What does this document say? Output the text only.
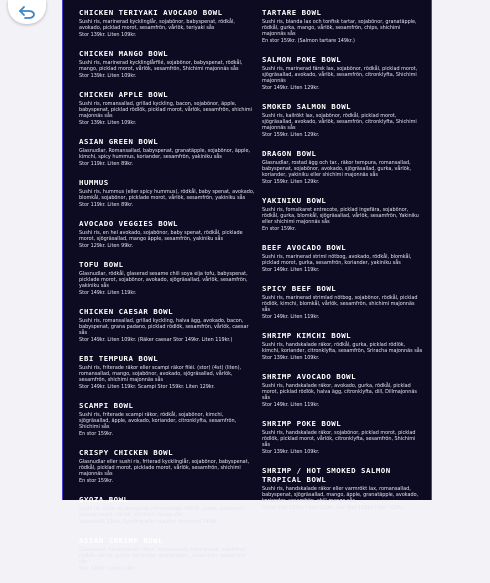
CHICKEN TERIYAKI AVOCADO BOWL

Sushi ris, marinerad kycklinglår, sojabönor, babyspenat, rödkål, avokado, picklad morot, sesamfrön, vårlök, teriyaki sås

Stor 139kr. Liten 109kr.

CHICKEN MANGO BOWL

Sushi ris, marinerad kycklinglårfilé, sojabönor, babyspenat, rödkål, mango, picklad morot, vårlök, sesamfrön, Shichimi majonnäs sås

Stor 139kr. Liten 109kr.

CHICKEN APPLE BOWL

Sushi ris, romansallad, grillad kyckling, bacon, sojabönor, äpple, babyspenat, picklad rödlök, picklad morot, vårlök, sesamfrön, shichimi majonnäs sås

Stor 139kr. Liten 109kr.

ASIAN GREEN BOWL

Glasnudlar, Romansallad, babyspenat, granatäpple, sojabönor, äpple, kimchi, spicy hummus, koriander, sesamfrön, yakiniku sås

Stor 119kr. Liten 89kr.

HUMMUS

Sushi ris, hummus (eller spicy hummus), rödkål, baby spenat, avokado, blomkål, sojabönor, picklade morot, vårlök, sesamfrön, yakiniku sås

Stor 119kr. Liten 89kr.

AVOCADO VEGGIES BOWL

Sushi ris, en hel avokado, sojabönor, baby spenat, rödkål, picklade morot, sjögräsallad, mango äpple, sesamfrön, yakiniku sås

Stor 129kr. Liten 99kr.

TOFU BOWL

Glasnudlar, rödkål, glaserad sesame chili soya eija tofu, babyspenat, picklade morot, sojabönor, avokado, sjögräsallad, vårlök, sesamfrön, yakiniku sås

Stor 149kr. Liten 119kr.

CHICKEN CAESAR BOWL

Sushi ris, romansallad, grillad kyckling, halva ägg, avokado, bacon, babyspenat, grana padano, picklad rödlök, sesamfrön, vårlök, caesar sås

Stor 149kr. Liten 109kr. (Räker caesar Stor 149kr. Liten 119kr.)

EBI TEMPURA BOWL

Sushi ris, friterade räkor eller scampi räkor filéi. (stor) (4st) (liten), romansallad, mango, sojabönor, avokado, sjögräsallad, vårlök, sesamfrön, shichimi majonnäs sås

Stor 149kr. Liten 119kr. Scampi Stor 159kr. Liten 129kr.

SCAMPI BOWL

Sushi ris, friterade scampi räkor, rödkål, sojabönor, kimchi, sjögräsallad, äpple, avokado, koriander, citronklyfta, sesamfrön, Shichimi sås

En stor 159kr.

CRISPY CHICKEN BOWL

Glasnudlar eller sushi ris, friterad kycklinglår, sojabönor, babyspenat, rödkål, picklad morot, picklade morot, vårlök, sesamfrön, shichimi majonnäs sås

En stor 159kr.

GYOZA BOWL

Sushi ris, fläsk- av dumpling, romansallad, rödkål, gurka, sojabönor, picklad morot, vårlök, shichimi, Gyoza sås

Vegetarisk 139kr. Kyckling eller skaldjur dumpling 149kr.

ASIAN SHRIMP BOWL

Glasnudlar, handskalade räkor, romansallad, babyspenat, sojabönor, rödkål, vårlök, gurka, koriander, granatäpple, sesamfrön, sweet chili sås

Stor 149kr. Liten 119kr.

TARTARE BOWL

Sushi ris, blanda lax och tonfisk tartar, sojabönor, granatäpple, rödkål, gurka, mango, vårlök, sesamfrön, chips, shichimi majonnäs sås

En stor 159kr. (Salmon tartare 149kr.)

SALMON POKE BOWL

Sushi ris, marinerad färsk lax, sojabönor, rödkål, picklad morot, sjögräsallad, avokado, vårlök, sesamfrön, citronklyfta, Shichimi majonnäs

Stor 149kr. Liten 129kr.

SMOKED SALMON BOWL

Sushi ris, kallrökt lax, sojabönor, rödkål, picklad morot, sjögräsallad, avokado, vårlök, sesamfrön, citronklyfta, Shichimi majonnäs sås

Stor 159kr. Liten 129kr.

DRAGON BOWL

Glasnudlar, rostad ägg och tar., räkor tempura, romansallad, babyspenat, sojabönor, avokado, sjögräsallad, gurka, vårlök, koriander, yakiniku eller shichimi majonnäs sås

Stor 159kr. Liten 129kr.

YAKINIKU BOWL

Sushi ris, fornsikaret entrecote, picklad ingefära, sojabönor, rödkål, gurka, blomkål, sjögräsallad, vårlök, sesamfrön, Yakiniku eller shichimi majonnäs sås

En stor 159kr.

BEEF AVOCADO BOWL

Sushi ris, marinerad striml nötbog, avokado, rödkål, blomkål, picklad morot, gurka, sesamfrön, koriander, yakiniku sås

Stor 149kr. Liten 119kr.

SPICY BEEF BOWL

Sushi ris, marinerad strimlad nötbog, sojabönor, rödkål, picklad rödlök, kimchi, blomkål, vårlök, sesamfrön, shichimi majonnäs sås

Stor 149kr. Liten 119kr.

SHRIMP KIMCHI BOWL

Sushi ris, handskalade räkor, rödkål, gurka, picklad rödlök, kimchi, koriander, citronklyfta, sesamfrön, Sriracha majonnäs sås

Stor 139kr. Liten 109kr.

SHRIMP AVOCADO BOWL

Sushi ris, handskalade räkor, avokado, gurka, rödkål, picklad morot, picklad rödlök, halva ägg, citronklyfta, dill, Dillmajonnäs sås

Stor 149kr. Liten 119kr.

SHRIMP POKE BOWL

Sushi ris, handskalade räkor, sojabönor, picklad morot, picklad rödlök, picklad morot, vårlök, citronklyfta, sesamfrön, Shichimi sås

Stor 139kr. Liten 109kr.

SHRIMP / HOT SMOKED SALMON TROPICAL BOWL

Sushi ris, handskalade räkor eller varmrökt lax, romansallad, babyspenat, sjögräsallad, mango, äpple, granatäpple, avokado, koriander, sesamfrön, chili mango sås

Räkor Stor 159kr. Liten 119kr. Lax Stor 169kr. Liten 129kr.
